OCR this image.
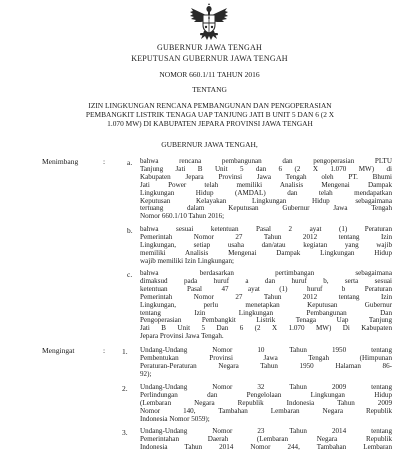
GUBERNUR JAWA TENGAH
KEPUTUSAN GUBERNUR JAWA TENGAH
NOMOR 660.1/11 TAHUN 2016
TENTANG
IZIN LINGKUNGAN RENCANA PEMBANGUNAN DAN PENGOPERASIAN
PEMBANGKIT LISTRIK TENAGA UAP TANJUNG JATI B UNIT 5 DAN 6 (2 X
1.070 MW) DI KABUPATEN JEPARA PROVINSI JAWA TENGAH
GUBERNUR JAWA TENGAH,
Menimbang	:	a. bahwa rencana pembangunan dan pengoperasian PLTU
Tanjung Jati B Unit 5 dan 6 (2 X 1.070 MW) di
Kabupaten Jepara Provinsi Jawa Tengah oleh PT. Bhumi
Jati Power telah memiliki Analisis Mengenai Dampak
Lingkungan Hidup (AMDAL) dan telah mendapatkan
Keputusan Kelayakan Lingkungan Hidup sebagaimana
tertuang dalam Keputusan Gubernur Jawa Tengah
Nomor 660.1/10 Tahun 2016;
b. bahwa sesuai ketentuan Pasal 2 ayat (1) Peraturan
Pemerintah Nomor 27 Tahun 2012 tentang Izin
Lingkungan, setiap usaha dan/atau kegiatan yang wajib
memiliki Analisis Mengenai Dampak Lingkungan Hidup
wajib memiliki Izin Lingkungan;
c. bahwa berdasarkan pertimbangan sebagaimana
dimaksud pada huruf a dan huruf b, serta sesuai
ketentuan Pasal 47 ayat (1) huruf b Peraturan
Pemerintah Nomor 27 Tahun 2012 tentang Izin
Lingkungan, perlu menetapkan Keputusan Gubernur
tentang Izin Lingkungan Pembangunan Dan
Pengoperasian Pembangkit Listrik Tenaga Uap Tanjung
Jati B Unit 5 Dan 6 (2 X 1.070 MW) Di Kabupaten
Jepara Provinsi Jawa Tengah.
Mengingat	: 1. Undang-Undang Nomor 10 Tahun 1950 tentang
Pembentukan Provinsi Jawa Tengah (Himpunan
Peraturan-Peraturan Negara Tahun 1950 Halaman 86-
92);
2. Undang-Undang Nomor 32 Tahun 2009 tentang
Perlindungan dan Pengelolaan Lingkungan Hidup
(Lembaran Negara Republik Indonesia Tahun 2009
Nomor 140, Tambahan Lembaran Negara Republik
Indonesia Nomor 5059);
3. Undang-Undang Nomor 23 Tahun 2014 tentang
Pemerintahan Daerah (Lembaran Negara Republik
Indonesia Tahun 2014 Nomor 244, Tambahan Lembaran
